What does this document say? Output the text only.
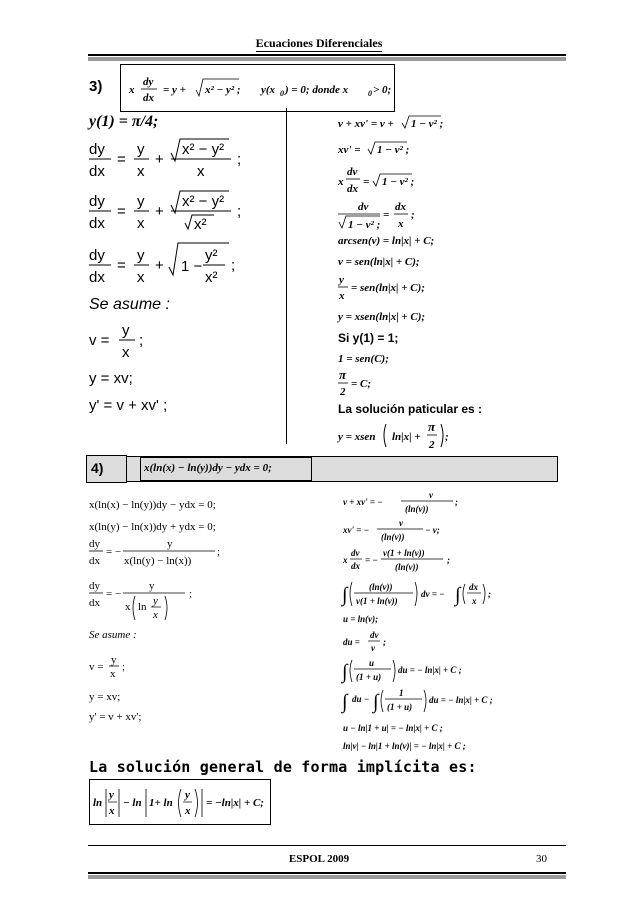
Ecuaciones Diferenciales
3) x
dy
dx
= y + x² − y² ; y(x 0 ) = 0; donde x 0 > 0;
y(1) = π/4;
dy
dx
=
y
x
+
x² − y²
x
;
dy
dx
=
y
x
+
x² − y²
x²
;
dy
dx
=
y
x
+ 1 −
y²
x²
;
Se asume :
v =
y
x
;
y = xv;
y' = v + xv' ;
v + xv' = v + 1 − v² ;
xv' = 1 − v² ;
x
dv
dx
= 1 − v² ;
dv
1 − v² ;
=
dx
x
;
arcsen(v) = ln|x| + C;
v = sen(ln|x| + C);
y
x
= sen(ln|x| + C);
y = xsen(ln|x| + C);
Si y(1) = 1;
1 = sen(C);
π
2
= C;
La solución paticular es :
y = xsen ln|x| +
π
2
;
4)	x(ln(x) − ln(y))dy − ydx = 0;
x(ln(x) − ln(y))dy − ydx = 0;
x(ln(y) − ln(x))dy + ydx = 0;
dy
dx
= −
y
x(ln(y) − ln(x))
;
dy
dx
= −
y
x ln y
x
;
Se asume :
v =
y
x
;
y = xv;
y' = v + xv';
v + xv' = −
v
(ln(v))
;
xv' = −
v
(ln(v))
− v;
x
dv
dx
= −
v(1 + ln(v))
(ln(v))
;
∫ (ln(v))
v(1 + ln(v))
dv = − ∫ dx
x
;
u = ln(v);
du =
dv
v
;
∫ u
(1 + u)
du = − ln|x| + C ;
∫ du − ∫ 1
(1 + u)
du = − ln|x| + C ;
u − ln|1 + u| = − ln|x| + C ;
ln|v| − ln|1 + ln(v)| = − ln|x| + C ;
La solución general de forma implícita es:
ln
y
x
− ln 1+ ln
y
x
= −ln|x| + C;
ESPOL 2009	30
